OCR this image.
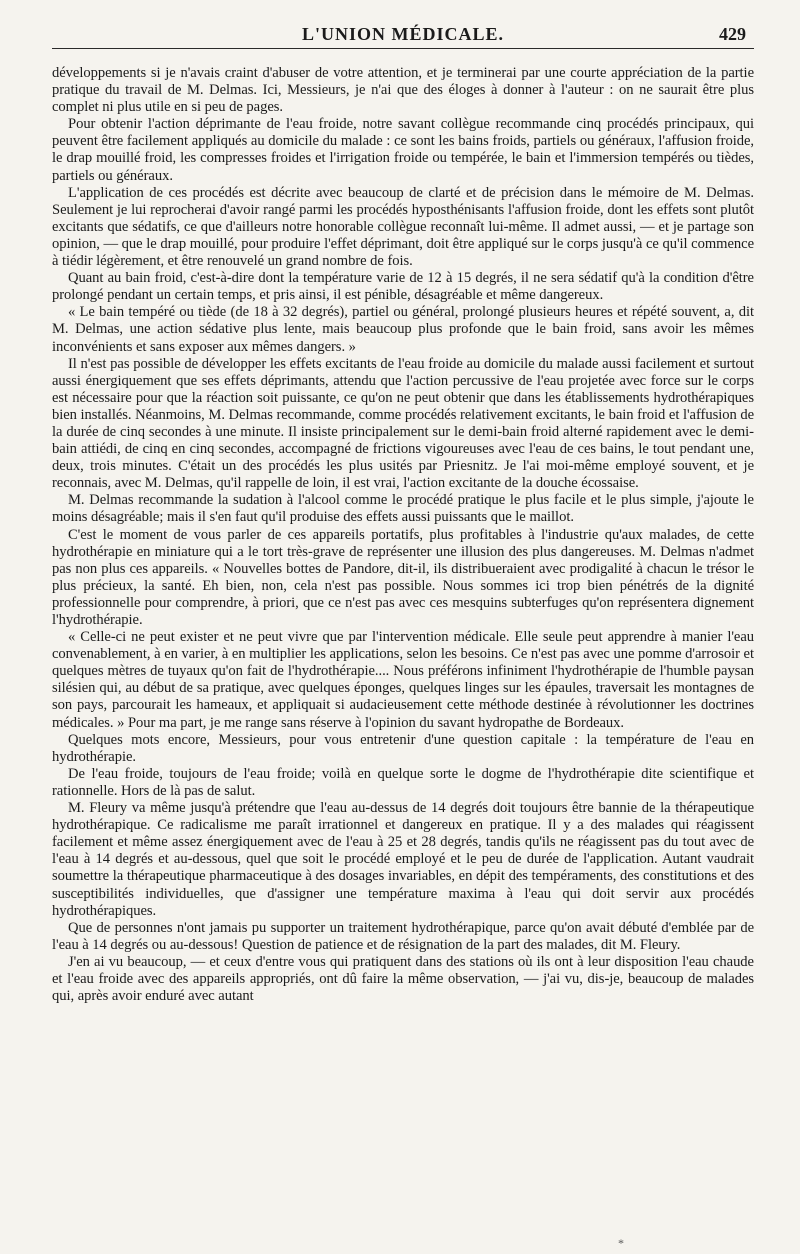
L'UNION MÉDICALE.	429

développements si je n'avais craint d'abuser de votre attention, et je terminerai par une courte appréciation de la partie pratique du travail de M. Delmas. Ici, Messieurs, je n'ai que des éloges à donner à l'auteur : on ne saurait être plus complet ni plus utile en si peu de pages.

Pour obtenir l'action déprimante de l'eau froide, notre savant collègue recommande cinq procédés principaux, qui peuvent être facilement appliqués au domicile du malade : ce sont les bains froids, partiels ou généraux, l'affusion froide, le drap mouillé froid, les compresses froides et l'irrigation froide ou tempérée, le bain et l'immersion tempérés ou tièdes, partiels ou généraux.

L'application de ces procédés est décrite avec beaucoup de clarté et de précision dans le mémoire de M. Delmas. Seulement je lui reprocherai d'avoir rangé parmi les procédés hyposthénisants l'affusion froide, dont les effets sont plutôt excitants que sédatifs, ce que d'ailleurs notre honorable collègue reconnaît lui-même. Il admet aussi, — et je partage son opinion, — que le drap mouillé, pour produire l'effet déprimant, doit être appliqué sur le corps jusqu'à ce qu'il commence à tiédir légèrement, et être renouvelé un grand nombre de fois.

Quant au bain froid, c'est-à-dire dont la température varie de 12 à 15 degrés, il ne sera sédatif qu'à la condition d'être prolongé pendant un certain temps, et pris ainsi, il est pénible, désagréable et même dangereux.

« Le bain tempéré ou tiède (de 18 à 32 degrés), partiel ou général, prolongé plusieurs heures et répété souvent, a, dit M. Delmas, une action sédative plus lente, mais beaucoup plus profonde que le bain froid, sans avoir les mêmes inconvénients et sans exposer aux mêmes dangers. »

Il n'est pas possible de développer les effets excitants de l'eau froide au domicile du malade aussi facilement et surtout aussi énergiquement que ses effets déprimants, attendu que l'action percussive de l'eau projetée avec force sur le corps est nécessaire pour que la réaction soit puissante, ce qu'on ne peut obtenir que dans les établissements hydrothérapiques bien installés. Néanmoins, M. Delmas recommande, comme procédés relativement excitants, le bain froid et l'affusion de la durée de cinq secondes à une minute. Il insiste principalement sur le demi-bain froid alterné rapidement avec le demi-bain attiédi, de cinq en cinq secondes, accompagné de frictions vigoureuses avec l'eau de ces bains, le tout pendant une, deux, trois minutes. C'était un des procédés les plus usités par Priesnitz. Je l'ai moi-même employé souvent, et je reconnais, avec M. Delmas, qu'il rappelle de loin, il est vrai, l'action excitante de la douche écossaise.

M. Delmas recommande la sudation à l'alcool comme le procédé pratique le plus facile et le plus simple, j'ajoute le moins désagréable; mais il s'en faut qu'il produise des effets aussi puissants que le maillot.

C'est le moment de vous parler de ces appareils portatifs, plus profitables à l'industrie qu'aux malades, de cette hydrothérapie en miniature qui a le tort très-grave de représenter une illusion des plus dangereuses. M. Delmas n'admet pas non plus ces appareils. « Nouvelles bottes de Pandore, dit-il, ils distribueraient avec prodigalité à chacun le trésor le plus précieux, la santé. Eh bien, non, cela n'est pas possible. Nous sommes ici trop bien pénétrés de la dignité professionnelle pour comprendre, à priori, que ce n'est pas avec ces mesquins subterfuges qu'on représentera dignement l'hydrothérapie.

« Celle-ci ne peut exister et ne peut vivre que par l'intervention médicale. Elle seule peut apprendre à manier l'eau convenablement, à en varier, à en multiplier les applications, selon les besoins. Ce n'est pas avec une pomme d'arrosoir et quelques mètres de tuyaux qu'on fait de l'hydrothérapie.... Nous préférons infiniment l'hydrothérapie de l'humble paysan silésien qui, au début de sa pratique, avec quelques éponges, quelques linges sur les épaules, traversait les montagnes de son pays, parcourait les hameaux, et appliquait si audacieusement cette méthode destinée à révolutionner les doctrines médicales. » Pour ma part, je me range sans réserve à l'opinion du savant hydropathe de Bordeaux.

Quelques mots encore, Messieurs, pour vous entretenir d'une question capitale : la température de l'eau en hydrothérapie.

De l'eau froide, toujours de l'eau froide; voilà en quelque sorte le dogme de l'hydrothérapie dite scientifique et rationnelle. Hors de là pas de salut.

M. Fleury va même jusqu'à prétendre que l'eau au-dessus de 14 degrés doit toujours être bannie de la thérapeutique hydrothérapique. Ce radicalisme me paraît irrationnel et dangereux en pratique. Il y a des malades qui réagissent facilement et même assez énergiquement avec de l'eau à 25 et 28 degrés, tandis qu'ils ne réagissent pas du tout avec de l'eau à 14 degrés et au-dessous, quel que soit le procédé employé et le peu de durée de l'application. Autant vaudrait soumettre la thérapeutique pharmaceutique à des dosages invariables, en dépit des tempéraments, des constitutions et des susceptibilités individuelles, que d'assigner une température maxima à l'eau qui doit servir aux procédés hydrothérapiques.

Que de personnes n'ont jamais pu supporter un traitement hydrothérapique, parce qu'on avait débuté d'emblée par de l'eau à 14 degrés ou au-dessous! Question de patience et de résignation de la part des malades, dit M. Fleury.

J'en ai vu beaucoup, — et ceux d'entre vous qui pratiquent dans des stations où ils ont à leur disposition l'eau chaude et l'eau froide avec des appareils appropriés, ont dû faire la même observation, — j'ai vu, dis-je, beaucoup de malades qui, après avoir enduré avec autant

*
